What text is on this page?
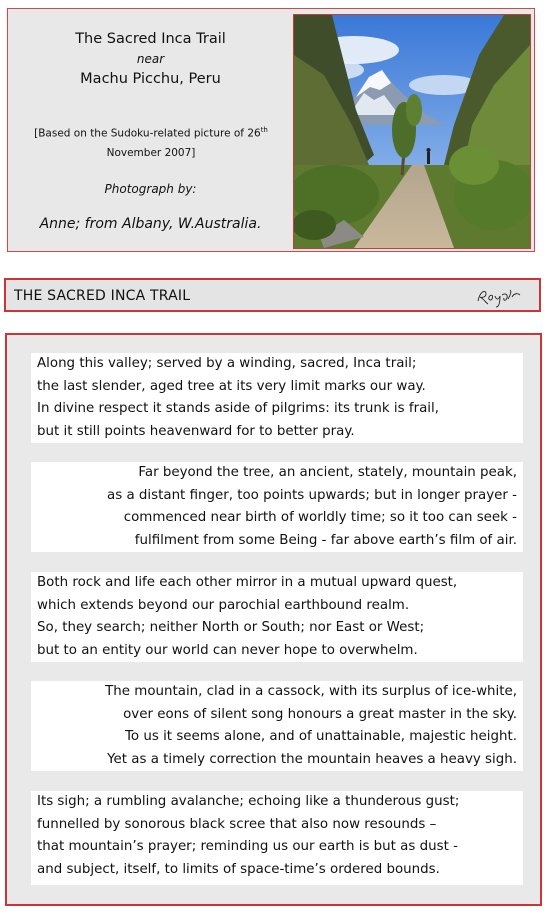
The Sacred Inca Trail
near
Machu Picchu, Peru
[Based on the Sudoku-related picture of 26th
November 2007]
Photograph by:
Anne; from Albany, W.Australia.
THE SACRED INCA TRAIL
Along this valley; served by a winding, sacred, Inca trail;
the last slender, aged tree at its very limit marks our way.
In divine respect it stands aside of pilgrims: its trunk is frail,
but it still points heavenward for to better pray.
Far beyond the tree, an ancient, stately, mountain peak,
as a distant finger, too points upwards; but in longer prayer -
commenced near birth of worldly time; so it too can seek -
fulfilment from some Being - far above earth’s film of air.
Both rock and life each other mirror in a mutual upward quest,
which extends beyond our parochial earthbound realm.
So, they search; neither North or South; nor East or West;
but to an entity our world can never hope to overwhelm.
The mountain, clad in a cassock, with its surplus of ice-white,
over eons of silent song honours a great master in the sky.
To us it seems alone, and of unattainable, majestic height.
Yet as a timely correction the mountain heaves a heavy sigh.
Its sigh; a rumbling avalanche; echoing like a thunderous gust;
funnelled by sonorous black scree that also now resounds –
that mountain’s prayer; reminding us our earth is but as dust -
and subject, itself, to limits of space-time’s ordered bounds.
